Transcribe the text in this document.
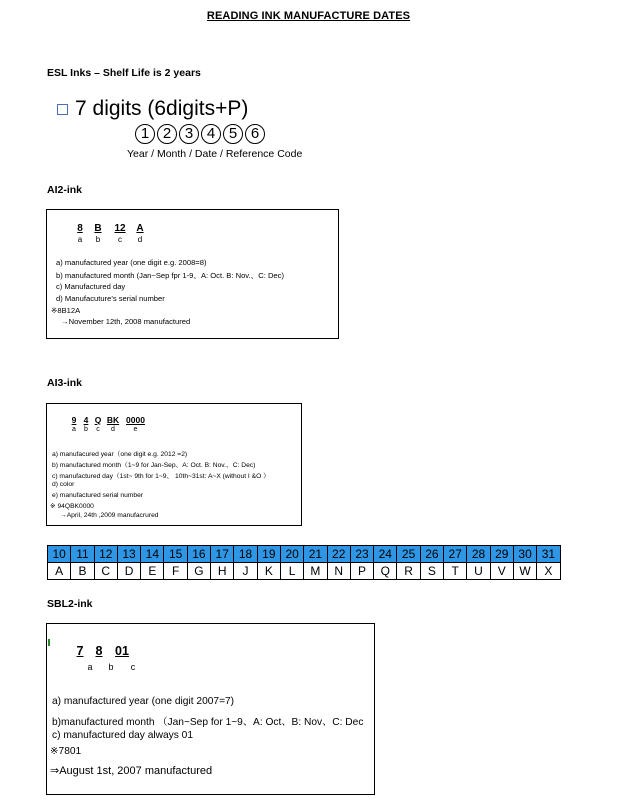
READING INK MANUFACTURE DATES
ESL Inks – Shelf Life is 2 years
7 digits (6digits+P)
1 2 3 4 5 6
Year / Month / Date / Reference Code
AI2-ink
8	B	12	A
a	b	c	d
a) manufactured year (one digit e.g. 2008=8)
b) manufactured month (Jan~Sep fpr 1-9、A: Oct. B: Nov.、C: Dec)
c) Manufactured day
d) Manufacuture’s serial number
※8B12A
→November 12th, 2008 manufactured
AI3-ink
9 4 Q BK 0000
a	b	c	d	e
a) manufacured year（one digit e.g. 2012 =2)
b) manufactured month（1~9 for Jan-Sep、A: Oct. B: Nov.、C: Dec)
c) manufactured day（1st~ 9th for 1~9、 10th~31st: A~X (without I &O ）
d) color
e) manufactured serial number
※ 94QBK0000
→April, 24th ,2009 manufacrured
10	11	12	13	14	15	16	17	18	19	20	21	22	23	24	25	26	27	28	29	30	31
A	B	C	D	E	F	G	H	J	K	L	M	N	P	Q	R	S	T	U	V	W	X
SBL2-ink
7 8	01
a	b	c
a) manufactured year (one digit 2007=7)
b)manufactured month （Jan~Sep for 1~9、A: Oct、B: Nov、C: Dec
c) manufactured day always 01
※7801
⇒August 1st, 2007 manufactured
